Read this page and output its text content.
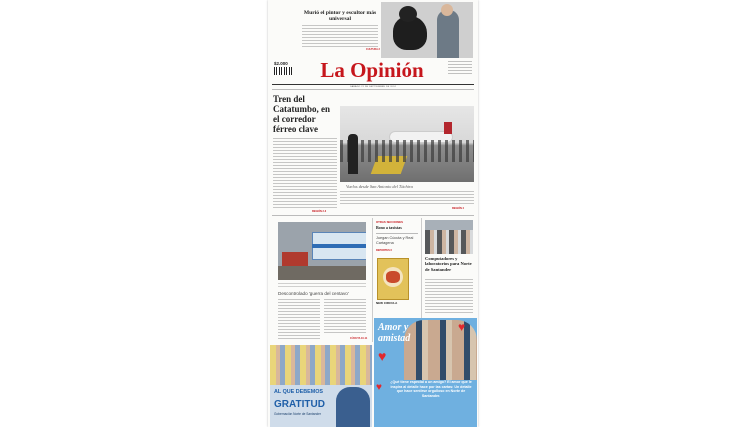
Murió el pintor y escultor más universal
CULTURA 2
$2.000 La Opinión
SÁBADO 21 DE SEPTIEMBRE DE 2024
Tren del Catatumbo, en el corredor férreo clave
REGIÓN 2-3
Vuelos desde San Antonio del Táchira
REGIÓN 4
Descontrolado 'guerra del centavo'
CÚCUTA 10-11
OTRAS SECCIONES
Bono a taxistas
Juegan Cúcuta y Real Cartagena
DEPORTES 6
NEW CIRCULA
Computadores y laboratorios para Norte de Santander
AL QUE DEBEMOS
GRATITUD
Gobernación Norte de Santander
Amor y amistad
♥
♥
♥ ¿Qué tiene especial a un amigo? El amor que le inspira al detalle hace por las cartas: Un detalle que hace sentirse orgulloso en Norte de Santander.
